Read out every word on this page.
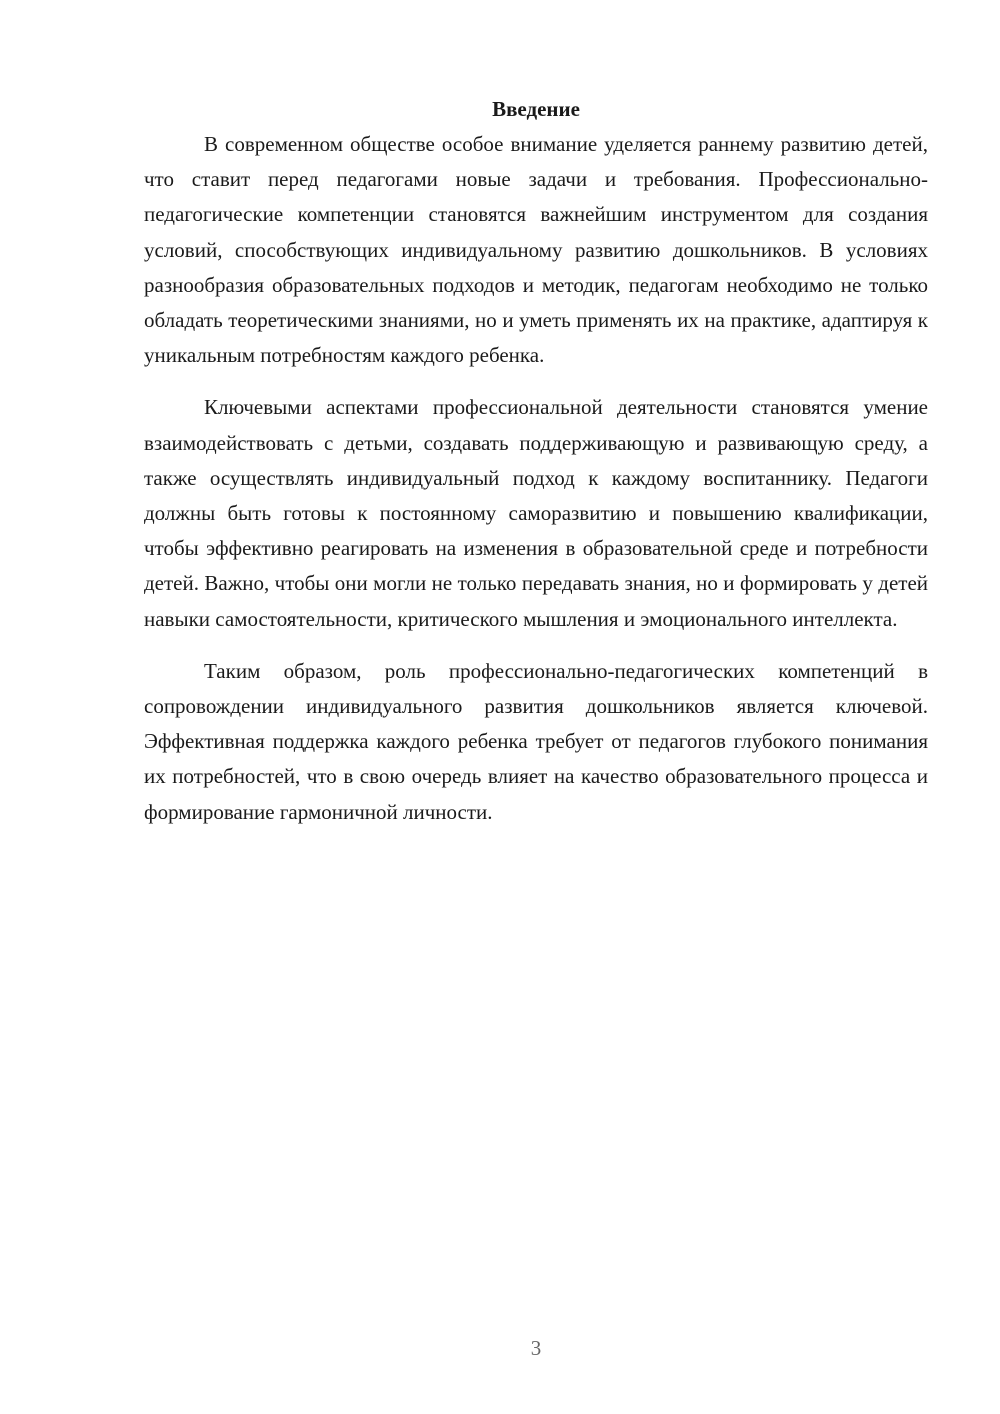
Введение

В современном обществе особое внимание уделяется раннему развитию детей, что ставит перед педагогами новые задачи и требования. Профессионально-педагогические компетенции становятся важнейшим инструментом для создания условий, способствующих индивидуальному развитию дошкольников. В условиях разнообразия образовательных подходов и методик, педагогам необходимо не только обладать теоретическими знаниями, но и уметь применять их на практике, адаптируя к уникальным потребностям каждого ребенка.

Ключевыми аспектами профессиональной деятельности становятся умение взаимодействовать с детьми, создавать поддерживающую и развивающую среду, а также осуществлять индивидуальный подход к каждому воспитаннику. Педагоги должны быть готовы к постоянному саморазвитию и повышению квалификации, чтобы эффективно реагировать на изменения в образовательной среде и потребности детей. Важно, чтобы они могли не только передавать знания, но и формировать у детей навыки самостоятельности, критического мышления и эмоционального интеллекта.

Таким образом, роль профессионально-педагогических компетенций в сопровождении индивидуального развития дошкольников является ключевой. Эффективная поддержка каждого ребенка требует от педагогов глубокого понимания их потребностей, что в свою очередь влияет на качество образовательного процесса и формирование гармоничной личности.

3
